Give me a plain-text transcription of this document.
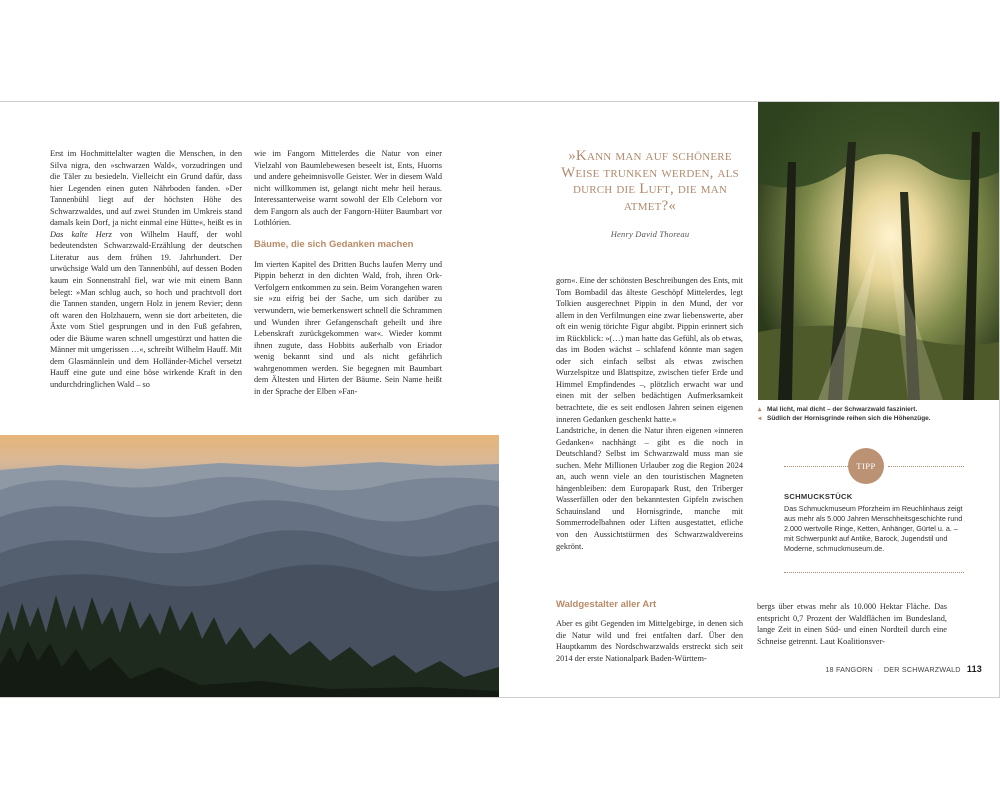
Erst im Hochmittelalter wagten die Menschen, in den Silva nigra, den »schwarzen Wald«, vorzudringen und die Täler zu besiedeln. Vielleicht ein Grund dafür, dass hier Legenden einen guten Nährboden fanden. »Der Tannenbühl liegt auf der höchsten Höhe des Schwarzwaldes, und auf zwei Stunden im Umkreis stand damals kein Dorf, ja nicht einmal eine Hütte«, heißt es in Das kalte Herz von Wilhelm Hauff, der wohl bedeutendsten Schwarzwald-Erzählung der deutschen Literatur aus dem frühen 19. Jahrhundert. Der urwüchsige Wald um den Tannenbühl, auf dessen Boden kaum ein Sonnenstrahl fiel, war wie mit einem Bann belegt: »Man schlug auch, so hoch und prachtvoll dort die Tannen standen, ungern Holz in jenem Revier; denn oft waren den Holzhauern, wenn sie dort arbeiteten, die Äxte vom Stiel gesprungen und in den Fuß gefahren, oder die Bäume waren schnell umgestürzt und hatten die Männer mit umgerissen …«, schreibt Wilhelm Hauff. Mit dem Glasmännlein und dem Holländer-Michel versetzt Hauff eine gute und eine böse wirkende Kraft in den undurchdringlichen Wald – so

wie im Fangorn Mittelerdes die Natur von einer Vielzahl von Baumlebewesen beseelt ist, Ents, Huorns und andere geheimnisvolle Geister. Wer in diesem Wald nicht willkommen ist, gelangt nicht mehr heil heraus. Interessanterweise warnt sowohl der Elb Celeborn vor dem Fangorn als auch der Fangorn-Hüter Baumbart vor Lothlórien.

Bäume, die sich Gedanken machen

Im vierten Kapitel des Dritten Buchs laufen Merry und Pippin beherzt in den dichten Wald, froh, ihren Ork-Verfolgern entkommen zu sein. Beim Vorangehen waren sie »zu eifrig bei der Sache, um sich darüber zu verwundern, wie bemerkenswert schnell die Schrammen und Wunden ihrer Gefangenschaft geheilt und ihre Lebenskraft zurückgekommen war«. Wieder kommt ihnen zugute, dass Hobbits außerhalb von Eriador wenig bekannt sind und als nicht gefährlich wahrgenommen werden. Sie begegnen mit Baumbart dem Ältesten und Hirten der Bäume. Sein Name heißt in der Sprache der Elben »Fan-

»Kann man auf schönere Weise trunken werden, als durch die Luft, die man atmet?«
Henry David Thoreau

gorn«. Eine der schönsten Beschreibungen des Ents, mit Tom Bombadil das älteste Geschöpf Mittelerdes, legt Tolkien ausgerechnet Pippin in den Mund, der vor allem in den Verfilmungen eine zwar liebenswerte, aber oft ein wenig törichte Figur abgibt. Pippin erinnert sich im Rückblick: »(…) man hatte das Gefühl, als ob etwas, das im Boden wächst – schlafend könnte man sagen oder sich einfach selbst als etwas zwischen Wurzelspitze und Blattspitze, zwischen tiefer Erde und Himmel Empfindendes –, plötzlich erwacht war und einen mit der selben bedächtigen Aufmerksamkeit betrachtete, die es seit endlosen Jahren seinen eigenen inneren Gedanken geschenkt hatte.«

Landstriche, in denen die Natur ihren eigenen »inneren Gedanken« nachhängt – gibt es die noch in Deutschland? Selbst im Schwarzwald muss man sie suchen. Mehr Millionen Urlauber zog die Region 2024 an, auch wenn viele an den touristischen Magneten hängenbleiben: dem Europapark Rust, den Triberger Wasserfällen oder den bekanntesten Gipfeln zwischen Schauinsland und Hornisgrinde, manche mit Sommerrodelbahnen oder Liften ausgestattet, etliche von den Aussichtstürmen des Schwarzwaldvereins gekrönt.

Waldgestalter aller Art

Aber es gibt Gegenden im Mittelgebirge, in denen sich die Natur wild und frei entfalten darf. Über den Hauptkamm des Nordschwarzwalds erstreckt sich seit 2014 der erste Nationalpark Baden-Württem-

bergs über etwas mehr als 10.000 Hektar Fläche. Das entspricht 0,7 Prozent der Waldflächen im Bundesland, lange Zeit in einen Süd- und einen Nordteil durch eine Schneise getrennt. Laut Koalitionsver-

▴ Mal licht, mal dicht – der Schwarzwald fasziniert.
◂ Südlich der Hornisgrinde reihen sich die Höhenzüge.
TIPP
SCHMUCKSTÜCK
Das Schmuckmuseum Pforzheim im Reuchlinhaus zeigt aus mehr als 5.000 Jahren Menschheitsgeschichte rund 2.000 wertvolle Ringe, Ketten, Anhänger, Gürtel u. a. – mit Schwerpunkt auf Antike, Barock, Jugendstil und Moderne, schmuckmuseum.de.
18 FANGORN · DER SCHWARZWALD 113
